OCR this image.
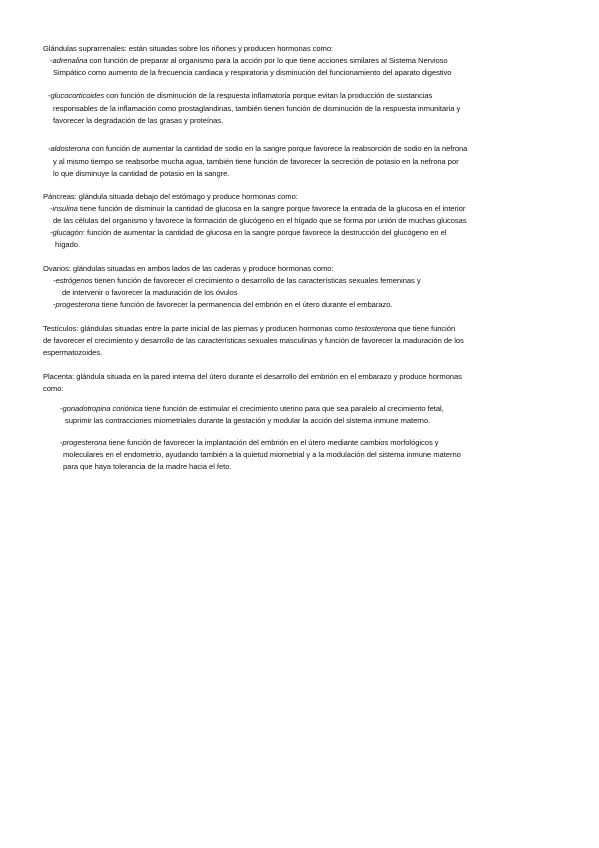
Glándulas suprarrenales: están situadas sobre los riñones y producen hormonas como:
-adrenalina con función de preparar al organismo para la acción por lo que tiene acciones similares al Sistema Nervioso
Simpático como aumento de la frecuencia cardiaca y respiratoria y disminución del funcionamiento del aparato digestivo
-glucocorticoides con función de disminución de la respuesta inflamatoria porque evitan la producción de sustancias
responsables de la inflamación como prostaglandinas, también tienen función de disminución de la respuesta inmunitaria y
favorecer la degradación de las grasas y proteínas.
-aldosterona con función de aumentar la cantidad de sodio en la sangre porque favorece la reabsorción de sodio en la nefrona
y al mismo tiempo se reabsorbe mucha agua, también tiene función de favorecer la secreción de potasio en la nefrona por
lo que disminuye la cantidad de potasio en la sangre.
Páncreas: glándula situada debajo del estómago y produce hormonas como:
-insulina tiene función de disminuir la cantidad de glucosa en la sangre porque favorece la entrada de la glucosa en el interior
de las células del organismo y favorece la formación de glucógeno en el hígado que se forma por unión de muchas glucosas
-glucagón: función de aumentar la cantidad de glucosa en la sangre porque favorece la destrucción del glucógeno en el
hígado.
Ovarios: glándulas situadas en ambos lados de las caderas y produce hormonas como:
-estrógenos tienen función de favorecer el crecimiento o desarrollo de las características sexuales femeninas y
de intervenir o favorecer la maduración de los óvulos
-progesterona tiene función de favorecer la permanencia del embrión en el útero durante el embarazo.
Testículos: glándulas situadas entre la parte inicial de las piernas y producen hormonas como testosterona que tiene función
de favorecer el crecimiento y desarrollo de las características sexuales masculinas y función de favorecer la maduración de los
espermatozoides.
Placenta: glándula situada en la pared interna del útero durante el desarrollo del embrión en el embarazo y produce hormonas
como:
-gonadotropina coriónica tiene función de estimular el crecimiento uterino para que sea paralelo al crecimiento fetal,
suprimir las contracciones miometriales durante la gestación y modular la acción del sistema inmune materno.
-progesterona tiene función de favorecer la implantación del embrión en el útero mediante cambios morfológicos y
moleculares en el endometrio, ayudando también a la quietud miometrial y a la modulación del sistema inmune materno
para que haya tolerancia de la madre hacia el feto.
